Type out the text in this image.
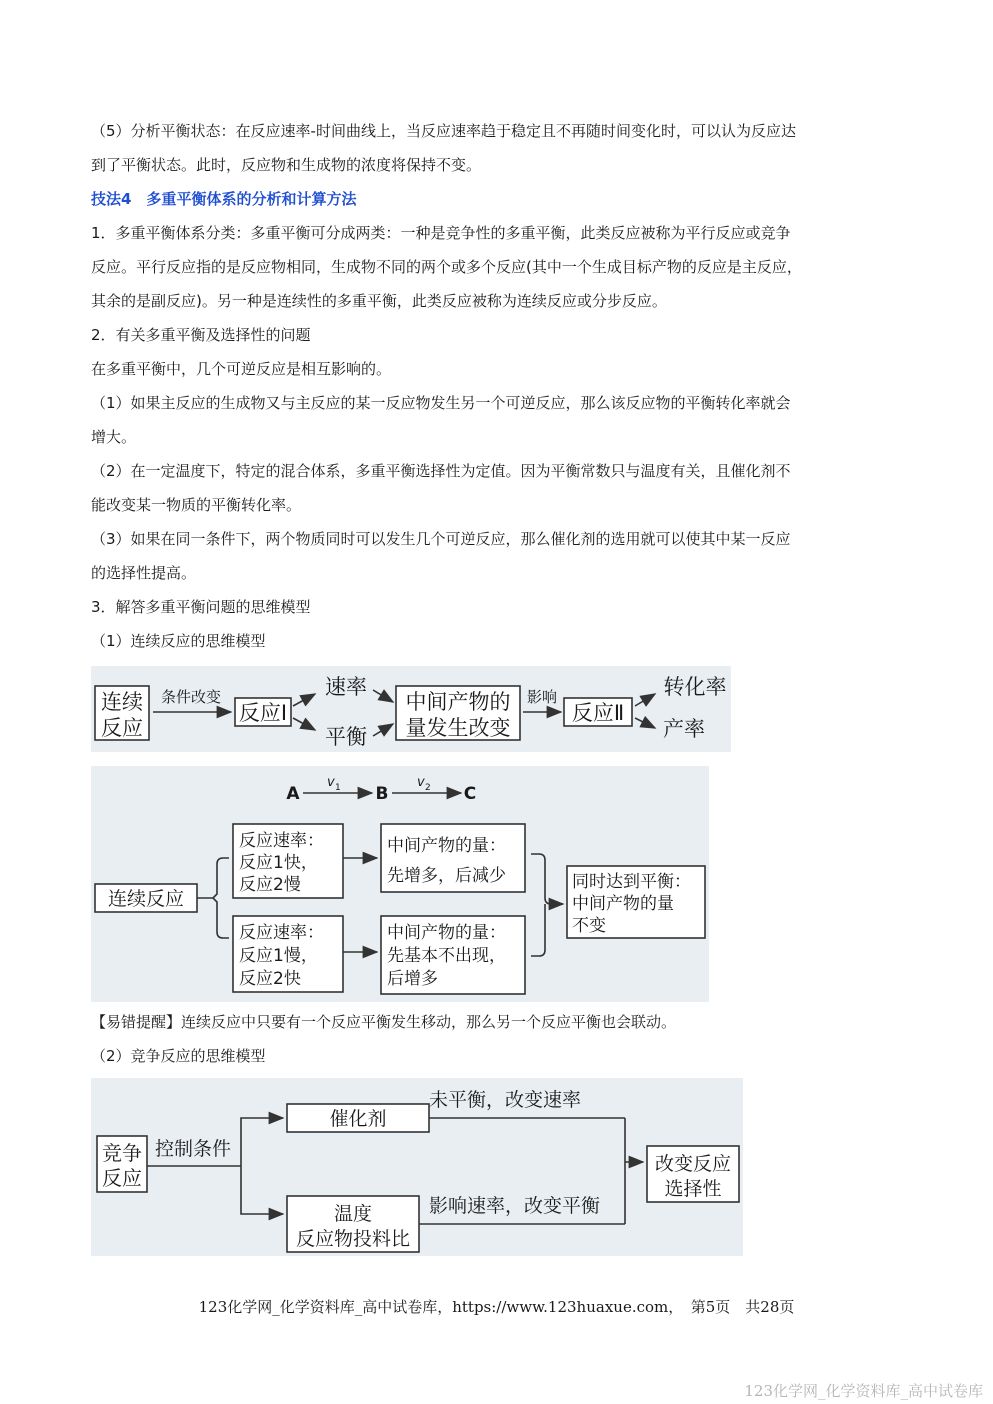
（5）分析平衡状态：在反应速率-时间曲线上，当反应速率趋于稳定且不再随时间变化时，可以认为反应达
到了平衡状态。此时，反应物和生成物的浓度将保持不变。
技法4　多重平衡体系的分析和计算方法
1．多重平衡体系分类：多重平衡可分成两类：一种是竞争性的多重平衡，此类反应被称为平行反应或竞争
反应。平行反应指的是反应物相同，生成物不同的两个或多个反应(其中一个生成目标产物的反应是主反应，
其余的是副反应)。另一种是连续性的多重平衡，此类反应被称为连续反应或分步反应。
2．有关多重平衡及选择性的问题
在多重平衡中，几个可逆反应是相互影响的。
（1）如果主反应的生成物又与主反应的某一反应物发生另一个可逆反应，那么该反应物的平衡转化率就会
增大。
（2）在一定温度下，特定的混合体系，多重平衡选择性为定值。因为平衡常数只与温度有关，且催化剂不
能改变某一物质的平衡转化率。
（3）如果在同一条件下，两个物质同时可以发生几个可逆反应，那么催化剂的选用就可以使其中某一反应
的选择性提高。
3．解答多重平衡问题的思维模型
（1）连续反应的思维模型
连续
反应
条件改变
反应Ⅰ
速率
平衡
中间产物的
量发生改变
影响
反应Ⅱ
转化率
产率
A
v 1 B
v 2 C
连续反应
反应速率：
反应1快，
反应2慢
反应速率：
反应1慢，
反应2快
中间产物的量：
先增多，后减少
中间产物的量：
先基本不出现，
后增多
同时达到平衡：
中间产物的量
不变
【易错提醒】连续反应中只要有一个反应平衡发生移动，那么另一个反应平衡也会联动。
（2）竞争反应的思维模型
竞争
反应
控制条件
催化剂
温度
反应物投料比
未平衡，改变速率
影响速率，改变平衡
改变反应
选择性
123化学网_化学资料库_高中试卷库，https://www.123huaxue.com，　第5页　共28页
123化学网_化学资料库_高中试卷库
